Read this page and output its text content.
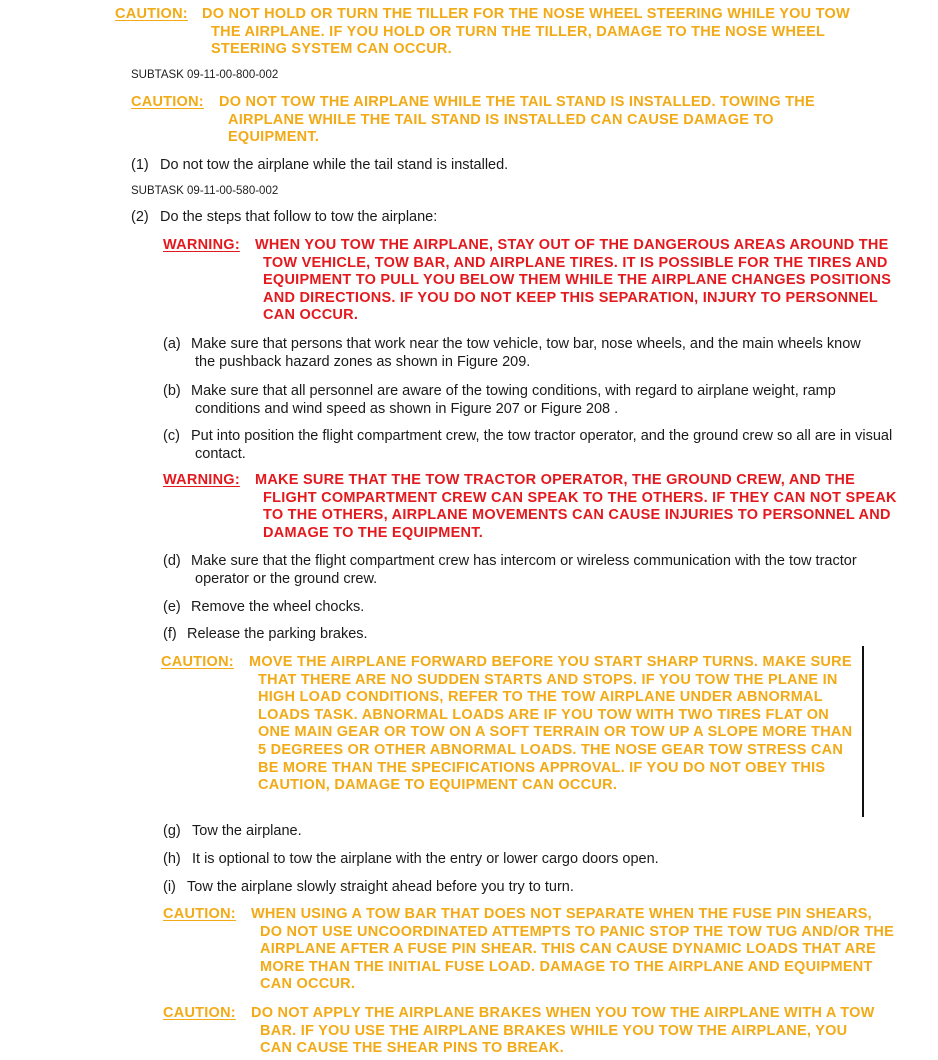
CAUTION: DO NOT HOLD OR TURN THE TILLER FOR THE NOSE WHEEL STEERING WHILE YOU TOW THE AIRPLANE. IF YOU HOLD OR TURN THE TILLER, DAMAGE TO THE NOSE WHEEL STEERING SYSTEM CAN OCCUR.
SUBTASK 09-11-00-800-002
CAUTION:	DO NOT TOW THE AIRPLANE WHILE THE TAIL STAND IS INSTALLED. TOWING THE AIRPLANE WHILE THE TAIL STAND IS INSTALLED CAN CAUSE DAMAGE TO EQUIPMENT.
(1) Do not tow the airplane while the tail stand is installed.
SUBTASK 09-11-00-580-002
(2) Do the steps that follow to tow the airplane:
WARNING:	WHEN YOU TOW THE AIRPLANE, STAY OUT OF THE DANGEROUS AREAS AROUND THE TOW VEHICLE, TOW BAR, AND AIRPLANE TIRES. IT IS POSSIBLE FOR THE TIRES AND EQUIPMENT TO PULL YOU BELOW THEM WHILE THE AIRPLANE CHANGES POSITIONS AND DIRECTIONS. IF YOU DO NOT KEEP THIS SEPARATION, INJURY TO PERSONNEL CAN OCCUR.
(a) Make sure that persons that work near the tow vehicle, tow bar, nose wheels, and the main wheels know the pushback hazard zones as shown in Figure 209.
(b) Make sure that all personnel are aware of the towing conditions, with regard to airplane weight, ramp conditions and wind speed as shown in Figure 207 or Figure 208 .
(c) Put into position the flight compartment crew, the tow tractor operator, and the ground crew so all are in visual contact.
WARNING:	MAKE SURE THAT THE TOW TRACTOR OPERATOR, THE GROUND CREW, AND THE FLIGHT COMPARTMENT CREW CAN SPEAK TO THE OTHERS. IF THEY CAN NOT SPEAK TO THE OTHERS, AIRPLANE MOVEMENTS CAN CAUSE INJURIES TO PERSONNEL AND DAMAGE TO THE EQUIPMENT.
(d) Make sure that the flight compartment crew has intercom or wireless communication with the tow tractor operator or the ground crew.
(e) Remove the wheel chocks.
(f) Release the parking brakes.
CAUTION:	MOVE THE AIRPLANE FORWARD BEFORE YOU START SHARP TURNS. MAKE SURE THAT THERE ARE NO SUDDEN STARTS AND STOPS. IF YOU TOW THE PLANE IN HIGH LOAD CONDITIONS, REFER TO THE TOW AIRPLANE UNDER ABNORMAL LOADS TASK. ABNORMAL LOADS ARE IF YOU TOW WITH TWO TIRES FLAT ON ONE MAIN GEAR OR TOW ON A SOFT TERRAIN OR TOW UP A SLOPE MORE THAN 5 DEGREES OR OTHER ABNORMAL LOADS. THE NOSE GEAR TOW STRESS CAN BE MORE THAN THE SPECIFICATIONS APPROVAL. IF YOU DO NOT OBEY THIS CAUTION, DAMAGE TO EQUIPMENT CAN OCCUR.
(g) Tow the airplane.
(h) It is optional to tow the airplane with the entry or lower cargo doors open.
(i) Tow the airplane slowly straight ahead before you try to turn.
CAUTION:	WHEN USING A TOW BAR THAT DOES NOT SEPARATE WHEN THE FUSE PIN SHEARS, DO NOT USE UNCOORDINATED ATTEMPTS TO PANIC STOP THE TOW TUG AND/OR THE AIRPLANE AFTER A FUSE PIN SHEAR. THIS CAN CAUSE DYNAMIC LOADS THAT ARE MORE THAN THE INITIAL FUSE LOAD. DAMAGE TO THE AIRPLANE AND EQUIPMENT CAN OCCUR.
CAUTION:	DO NOT APPLY THE AIRPLANE BRAKES WHEN YOU TOW THE AIRPLANE WITH A TOW BAR. IF YOU USE THE AIRPLANE BRAKES WHILE YOU TOW THE AIRPLANE, YOU CAN CAUSE THE SHEAR PINS TO BREAK.
